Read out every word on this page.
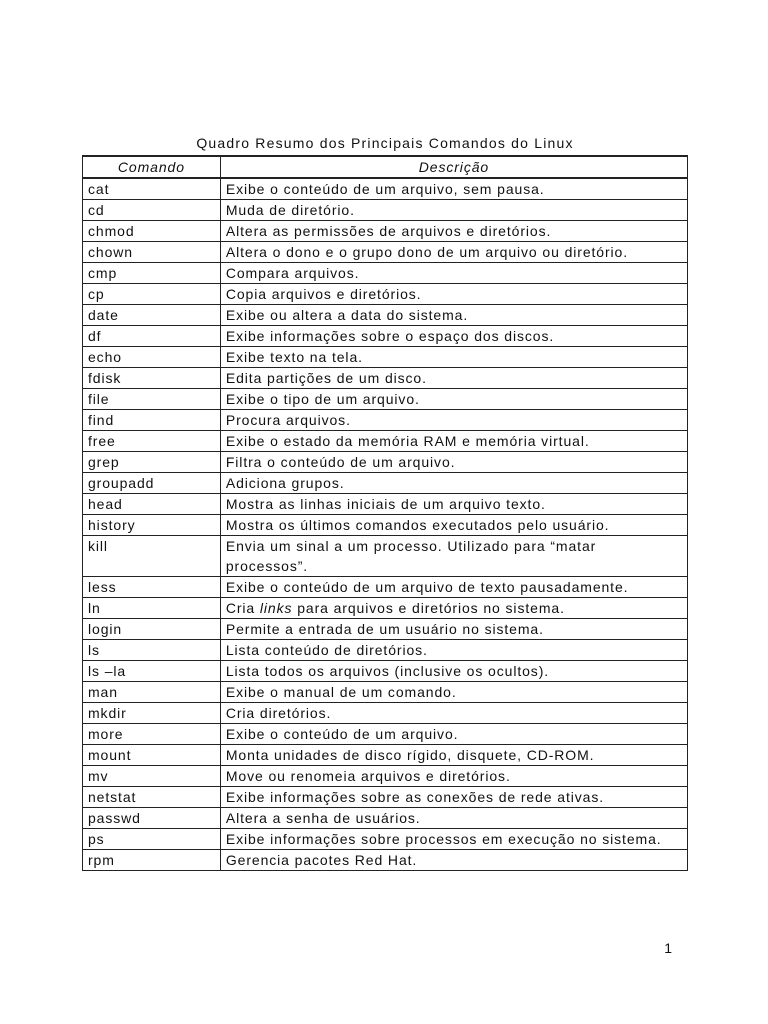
Quadro Resumo dos Principais Comandos do Linux
Comando	Descrição
cat	Exibe o conteúdo de um arquivo, sem pausa.
cd	Muda de diretório.
chmod	Altera as permissões de arquivos e diretórios.
chown	Altera o dono e o grupo dono de um arquivo ou diretório.
cmp	Compara arquivos.
cp	Copia arquivos e diretórios.
date	Exibe ou altera a data do sistema.
df	Exibe informações sobre o espaço dos discos.
echo	Exibe texto na tela.
fdisk	Edita partições de um disco.
file	Exibe o tipo de um arquivo.
find	Procura arquivos.
free	Exibe o estado da memória RAM e memória virtual.
grep	Filtra o conteúdo de um arquivo.
groupadd	Adiciona grupos.
head	Mostra as linhas iniciais de um arquivo texto.
history	Mostra os últimos comandos executados pelo usuário.
kill	Envia um sinal a um processo. Utilizado para “matar processos”.
less	Exibe o conteúdo de um arquivo de texto pausadamente.
ln	Cria links para arquivos e diretórios no sistema.
login	Permite a entrada de um usuário no sistema.
ls	Lista conteúdo de diretórios.
ls –la	Lista todos os arquivos (inclusive os ocultos).
man	Exibe o manual de um comando.
mkdir	Cria diretórios.
more	Exibe o conteúdo de um arquivo.
mount	Monta unidades de disco rígido, disquete, CD-ROM.
mv	Move ou renomeia arquivos e diretórios.
netstat	Exibe informações sobre as conexões de rede ativas.
passwd	Altera a senha de usuários.
ps	Exibe informações sobre processos em execução no sistema.
rpm	Gerencia pacotes Red Hat.
1
